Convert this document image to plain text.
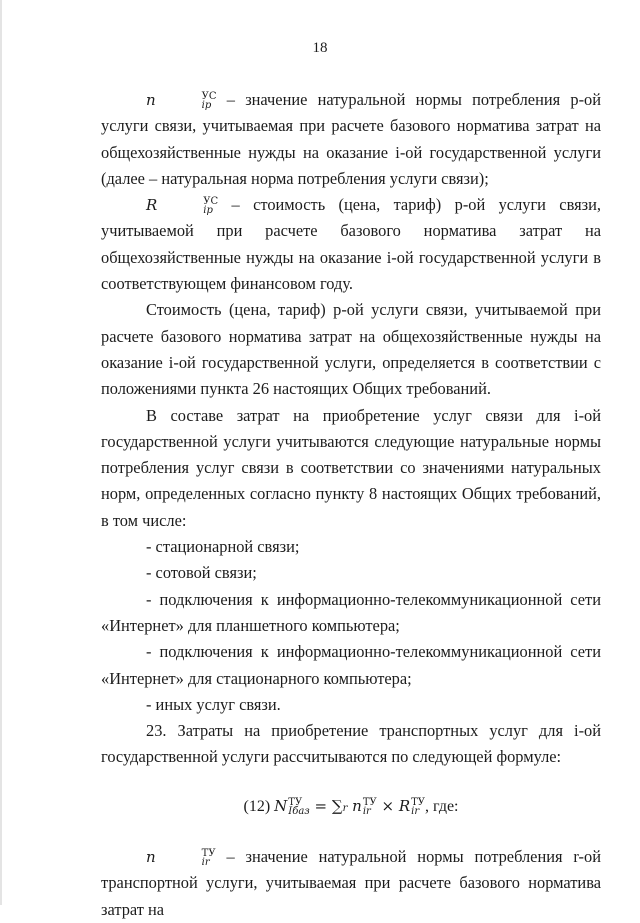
18

n	УС
ip – значение натуральной нормы потребления р-ой услуги связи, учитываемая при расчете базового норматива затрат на общехозяйственные нужды на оказание i-ой государственной услуги (далее – натуральная норма потребления услуги связи);

R	УС
ip – стоимость (цена, тариф) р-ой услуги связи, учитываемой при расчете базового норматива затрат на общехозяйственные нужды на оказание i-ой государственной услуги в соответствующем финансовом году.

Стоимость (цена, тариф) р-ой услуги связи, учитываемой при расчете базового норматива затрат на общехозяйственные нужды на оказание i-ой государственной услуги, определяется в соответствии с положениями пункта 26 настоящих Общих требований.

В составе затрат на приобретение услуг связи для i-ой государственной услуги учитываются следующие натуральные нормы потребления услуг связи в соответствии со значениями натуральных норм, определенных согласно пункту 8 настоящих Общих требований, в том числе:

- стационарной связи;

- сотовой связи;

- подключения к информационно-телекоммуникационной сети «Интернет» для планшетного компьютера;

- подключения к информационно-телекоммуникационной сети «Интернет» для стационарного компьютера;

- иных услуг связи.

23. Затраты на приобретение транспортных услуг для i-ой государственной услуги рассчитываются по следующей формуле:

(12) N ТУ
Iбаз = ∑r n ТУ
ir × R ТУ
ir , где:

n	ТУ
ir – значение натуральной нормы потребления r-ой транспортной услуги, учитываемая при расчете базового норматива затрат на
